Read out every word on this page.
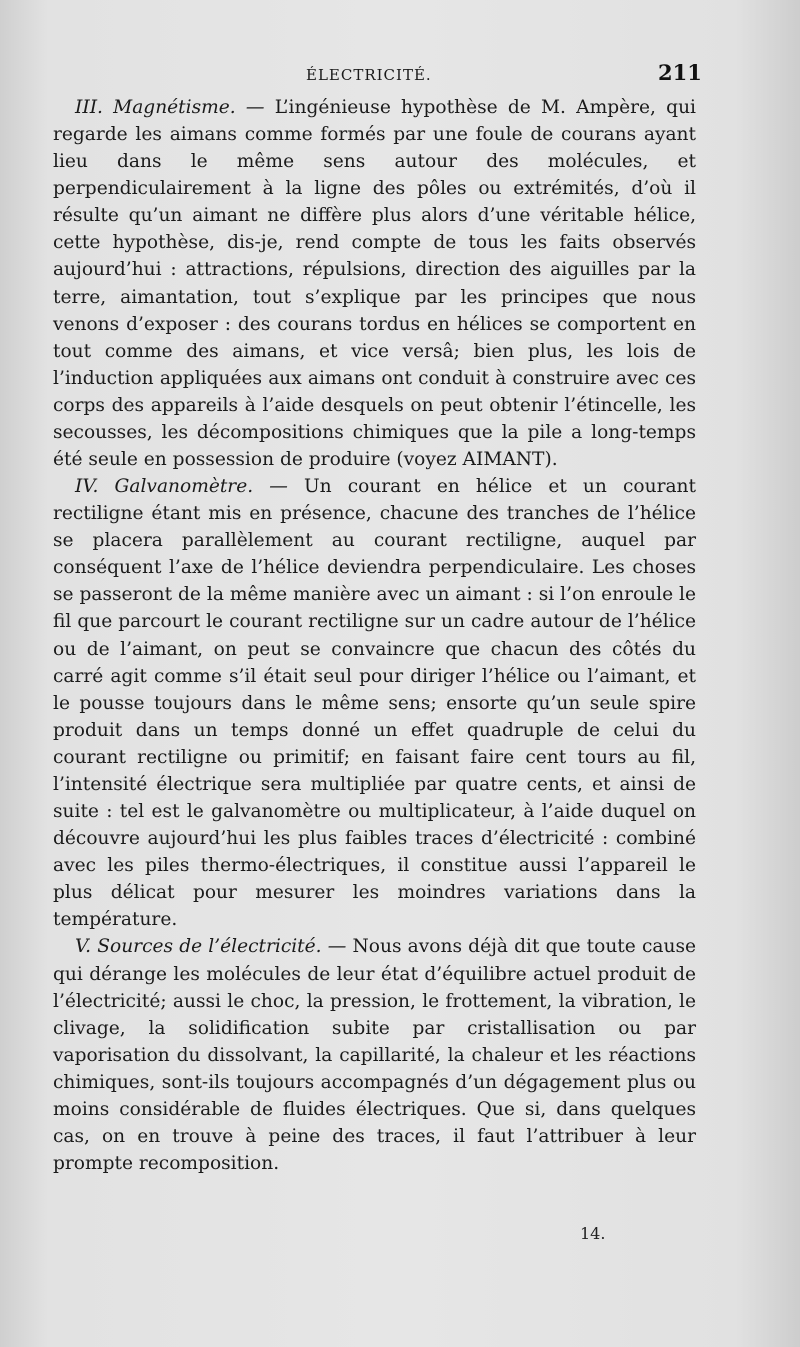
ÉLECTRICITÉ.	211

III. Magnétisme. — L’ingénieuse hypothèse de M. Ampère, qui regarde les aimans comme formés par une foule de courans ayant lieu dans le même sens autour des molécules, et perpendiculairement à la ligne des pôles ou extrémités, d’où il résulte qu’un aimant ne diffère plus alors d’une véritable hélice, cette hypothèse, dis-je, rend compte de tous les faits observés aujourd’hui : attractions, répulsions, direction des aiguilles par la terre, aimantation, tout s’explique par les principes que nous venons d’exposer : des courans tordus en hélices se comportent en tout comme des aimans, et vice versâ; bien plus, les lois de l’induction appliquées aux aimans ont conduit à construire avec ces corps des appareils à l’aide desquels on peut obtenir l’étincelle, les secousses, les décompositions chimiques que la pile a long-temps été seule en possession de produire (voyez AIMANT).

IV. Galvanomètre. — Un courant en hélice et un courant rectiligne étant mis en présence, chacune des tranches de l’hélice se placera parallèlement au courant rectiligne, auquel par conséquent l’axe de l’hélice deviendra perpendiculaire. Les choses se passeront de la même manière avec un aimant : si l’on enroule le fil que parcourt le courant rectiligne sur un cadre autour de l’hélice ou de l’aimant, on peut se convaincre que chacun des côtés du carré agit comme s’il était seul pour diriger l’hélice ou l’aimant, et le pousse toujours dans le même sens; ensorte qu’un seule spire produit dans un temps donné un effet quadruple de celui du courant rectiligne ou primitif; en faisant faire cent tours au fil, l’intensité électrique sera multipliée par quatre cents, et ainsi de suite : tel est le galvanomètre ou multiplicateur, à l’aide duquel on découvre aujourd’hui les plus faibles traces d’électricité : combiné avec les piles thermo-électriques, il constitue aussi l’appareil le plus délicat pour mesurer les moindres variations dans la température.

V. Sources de l’électricité. — Nous avons déjà dit que toute cause qui dérange les molécules de leur état d’équilibre actuel produit de l’électricité; aussi le choc, la pression, le frottement, la vibration, le clivage, la solidification subite par cristallisation ou par vaporisation du dissolvant, la capillarité, la chaleur et les réactions chimiques, sont-ils toujours accompagnés d’un dégagement plus ou moins considérable de fluides électriques. Que si, dans quelques cas, on en trouve à peine des traces, il faut l’attribuer à leur prompte recomposition.

14.
